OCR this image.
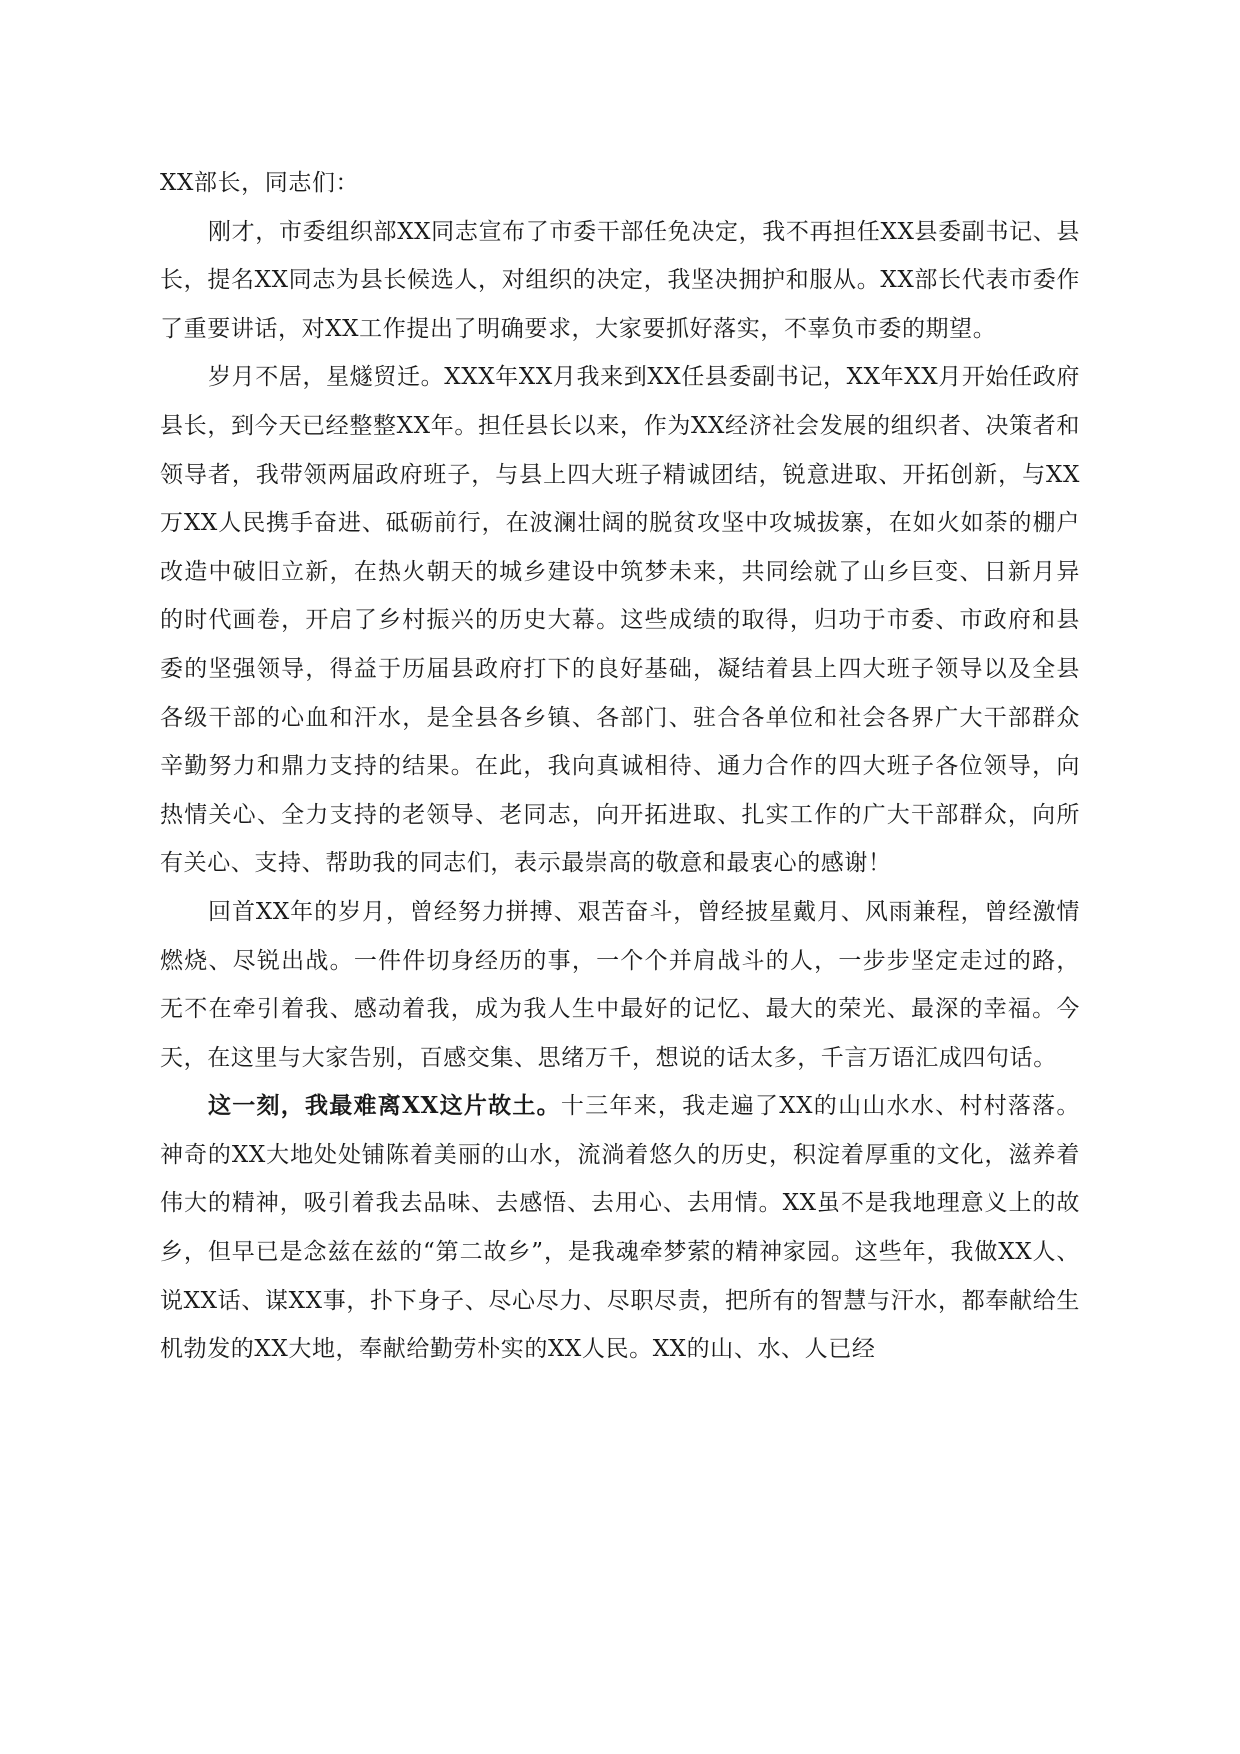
XX部长，同志们：

刚才，市委组织部XX同志宣布了市委干部任免决定，我不再担任XX县委副书记、县长，提名XX同志为县长候选人，对组织的决定，我坚决拥护和服从。XX部长代表市委作了重要讲话，对XX工作提出了明确要求，大家要抓好落实，不辜负市委的期望。

岁月不居，星燧贸迁。XXX年XX月我来到XX任县委副书记，XX年XX月开始任政府县长，到今天已经整整XX年。担任县长以来，作为XX经济社会发展的组织者、决策者和领导者，我带领两届政府班子，与县上四大班子精诚团结，锐意进取、开拓创新，与XX万XX人民携手奋进、砥砺前行，在波澜壮阔的脱贫攻坚中攻城拔寨，在如火如荼的棚户改造中破旧立新，在热火朝天的城乡建设中筑梦未来，共同绘就了山乡巨变、日新月异的时代画卷，开启了乡村振兴的历史大幕。这些成绩的取得，归功于市委、市政府和县委的坚强领导，得益于历届县政府打下的良好基础，凝结着县上四大班子领导以及全县各级干部的心血和汗水，是全县各乡镇、各部门、驻合各单位和社会各界广大干部群众辛勤努力和鼎力支持的结果。在此，我向真诚相待、通力合作的四大班子各位领导，向热情关心、全力支持的老领导、老同志，向开拓进取、扎实工作的广大干部群众，向所有关心、支持、帮助我的同志们，表示最崇高的敬意和最衷心的感谢！

回首XX年的岁月，曾经努力拼搏、艰苦奋斗，曾经披星戴月、风雨兼程，曾经激情燃烧、尽锐出战。一件件切身经历的事，一个个并肩战斗的人，一步步坚定走过的路，无不在牵引着我、感动着我，成为我人生中最好的记忆、最大的荣光、最深的幸福。今天，在这里与大家告别，百感交集、思绪万千，想说的话太多，千言万语汇成四句话。

这一刻，我最难离XX这片故土。十三年来，我走遍了XX的山山水水、村村落落。神奇的XX大地处处铺陈着美丽的山水，流淌着悠久的历史，积淀着厚重的文化，滋养着伟大的精神，吸引着我去品味、去感悟、去用心、去用情。XX虽不是我地理意义上的故乡，但早已是念兹在兹的“第二故乡”，是我魂牵梦萦的精神家园。这些年，我做XX人、说XX话、谋XX事，扑下身子、尽心尽力、尽职尽责，把所有的智慧与汗水，都奉献给生机勃发的XX大地，奉献给勤劳朴实的XX人民。XX的山、水、人已经
